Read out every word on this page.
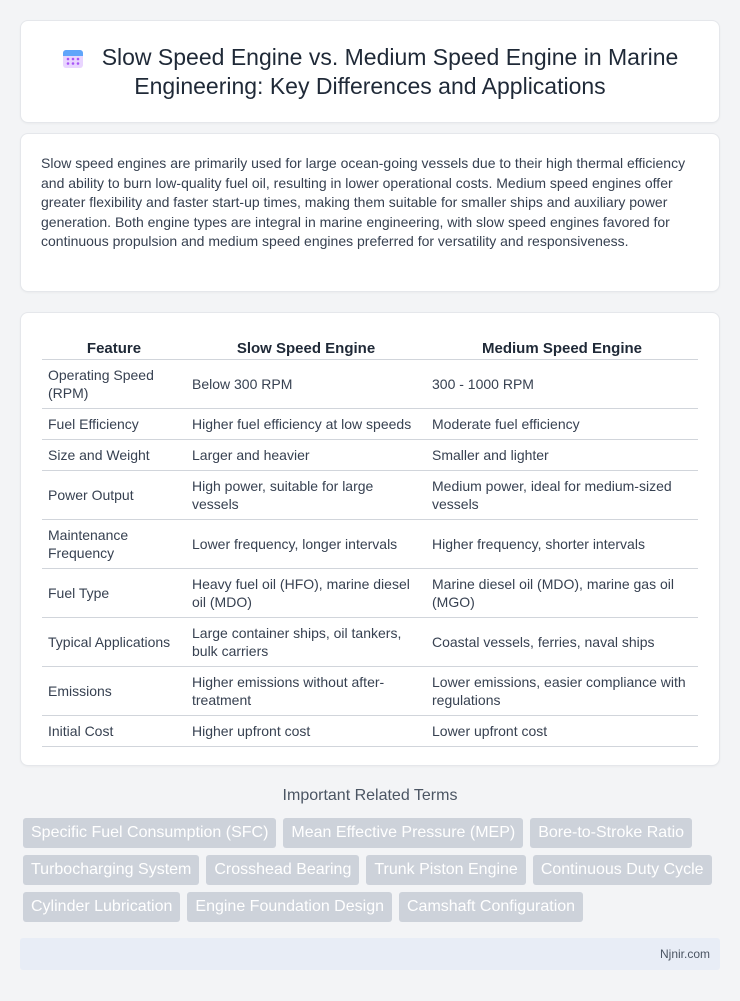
Slow Speed Engine vs. Medium Speed Engine in Marine
Engineering: Key Differences and Applications

Slow speed engines are primarily used for large ocean-going vessels due to their high thermal efficiency and ability to burn low-quality fuel oil, resulting in lower operational costs. Medium speed engines offer greater flexibility and faster start-up times, making them suitable for smaller ships and auxiliary power generation. Both engine types are integral in marine engineering, with slow speed engines favored for continuous propulsion and medium speed engines preferred for versatility and responsiveness.

Feature	Slow Speed Engine	Medium Speed Engine
Operating Speed (RPM)	Below 300 RPM	300 - 1000 RPM
Fuel Efficiency	Higher fuel efficiency at low speeds	Moderate fuel efficiency
Size and Weight	Larger and heavier	Smaller and lighter
Power Output	High power, suitable for large vessels	Medium power, ideal for medium-sized vessels
Maintenance Frequency	Lower frequency, longer intervals	Higher frequency, shorter intervals
Fuel Type	Heavy fuel oil (HFO), marine diesel oil (MDO)	Marine diesel oil (MDO), marine gas oil (MGO)
Typical Applications	Large container ships, oil tankers, bulk carriers	Coastal vessels, ferries, naval ships
Emissions	Higher emissions without after-treatment	Lower emissions, easier compliance with regulations
Initial Cost	Higher upfront cost	Lower upfront cost
Important Related Terms
Specific Fuel Consumption (SFC)	Mean Effective Pressure (MEP)	Bore-to-Stroke Ratio
Turbocharging System	Crosshead Bearing	Trunk Piston Engine	Continuous Duty Cycle
Cylinder Lubrication	Engine Foundation Design	Camshaft Configuration
Njnir.com
